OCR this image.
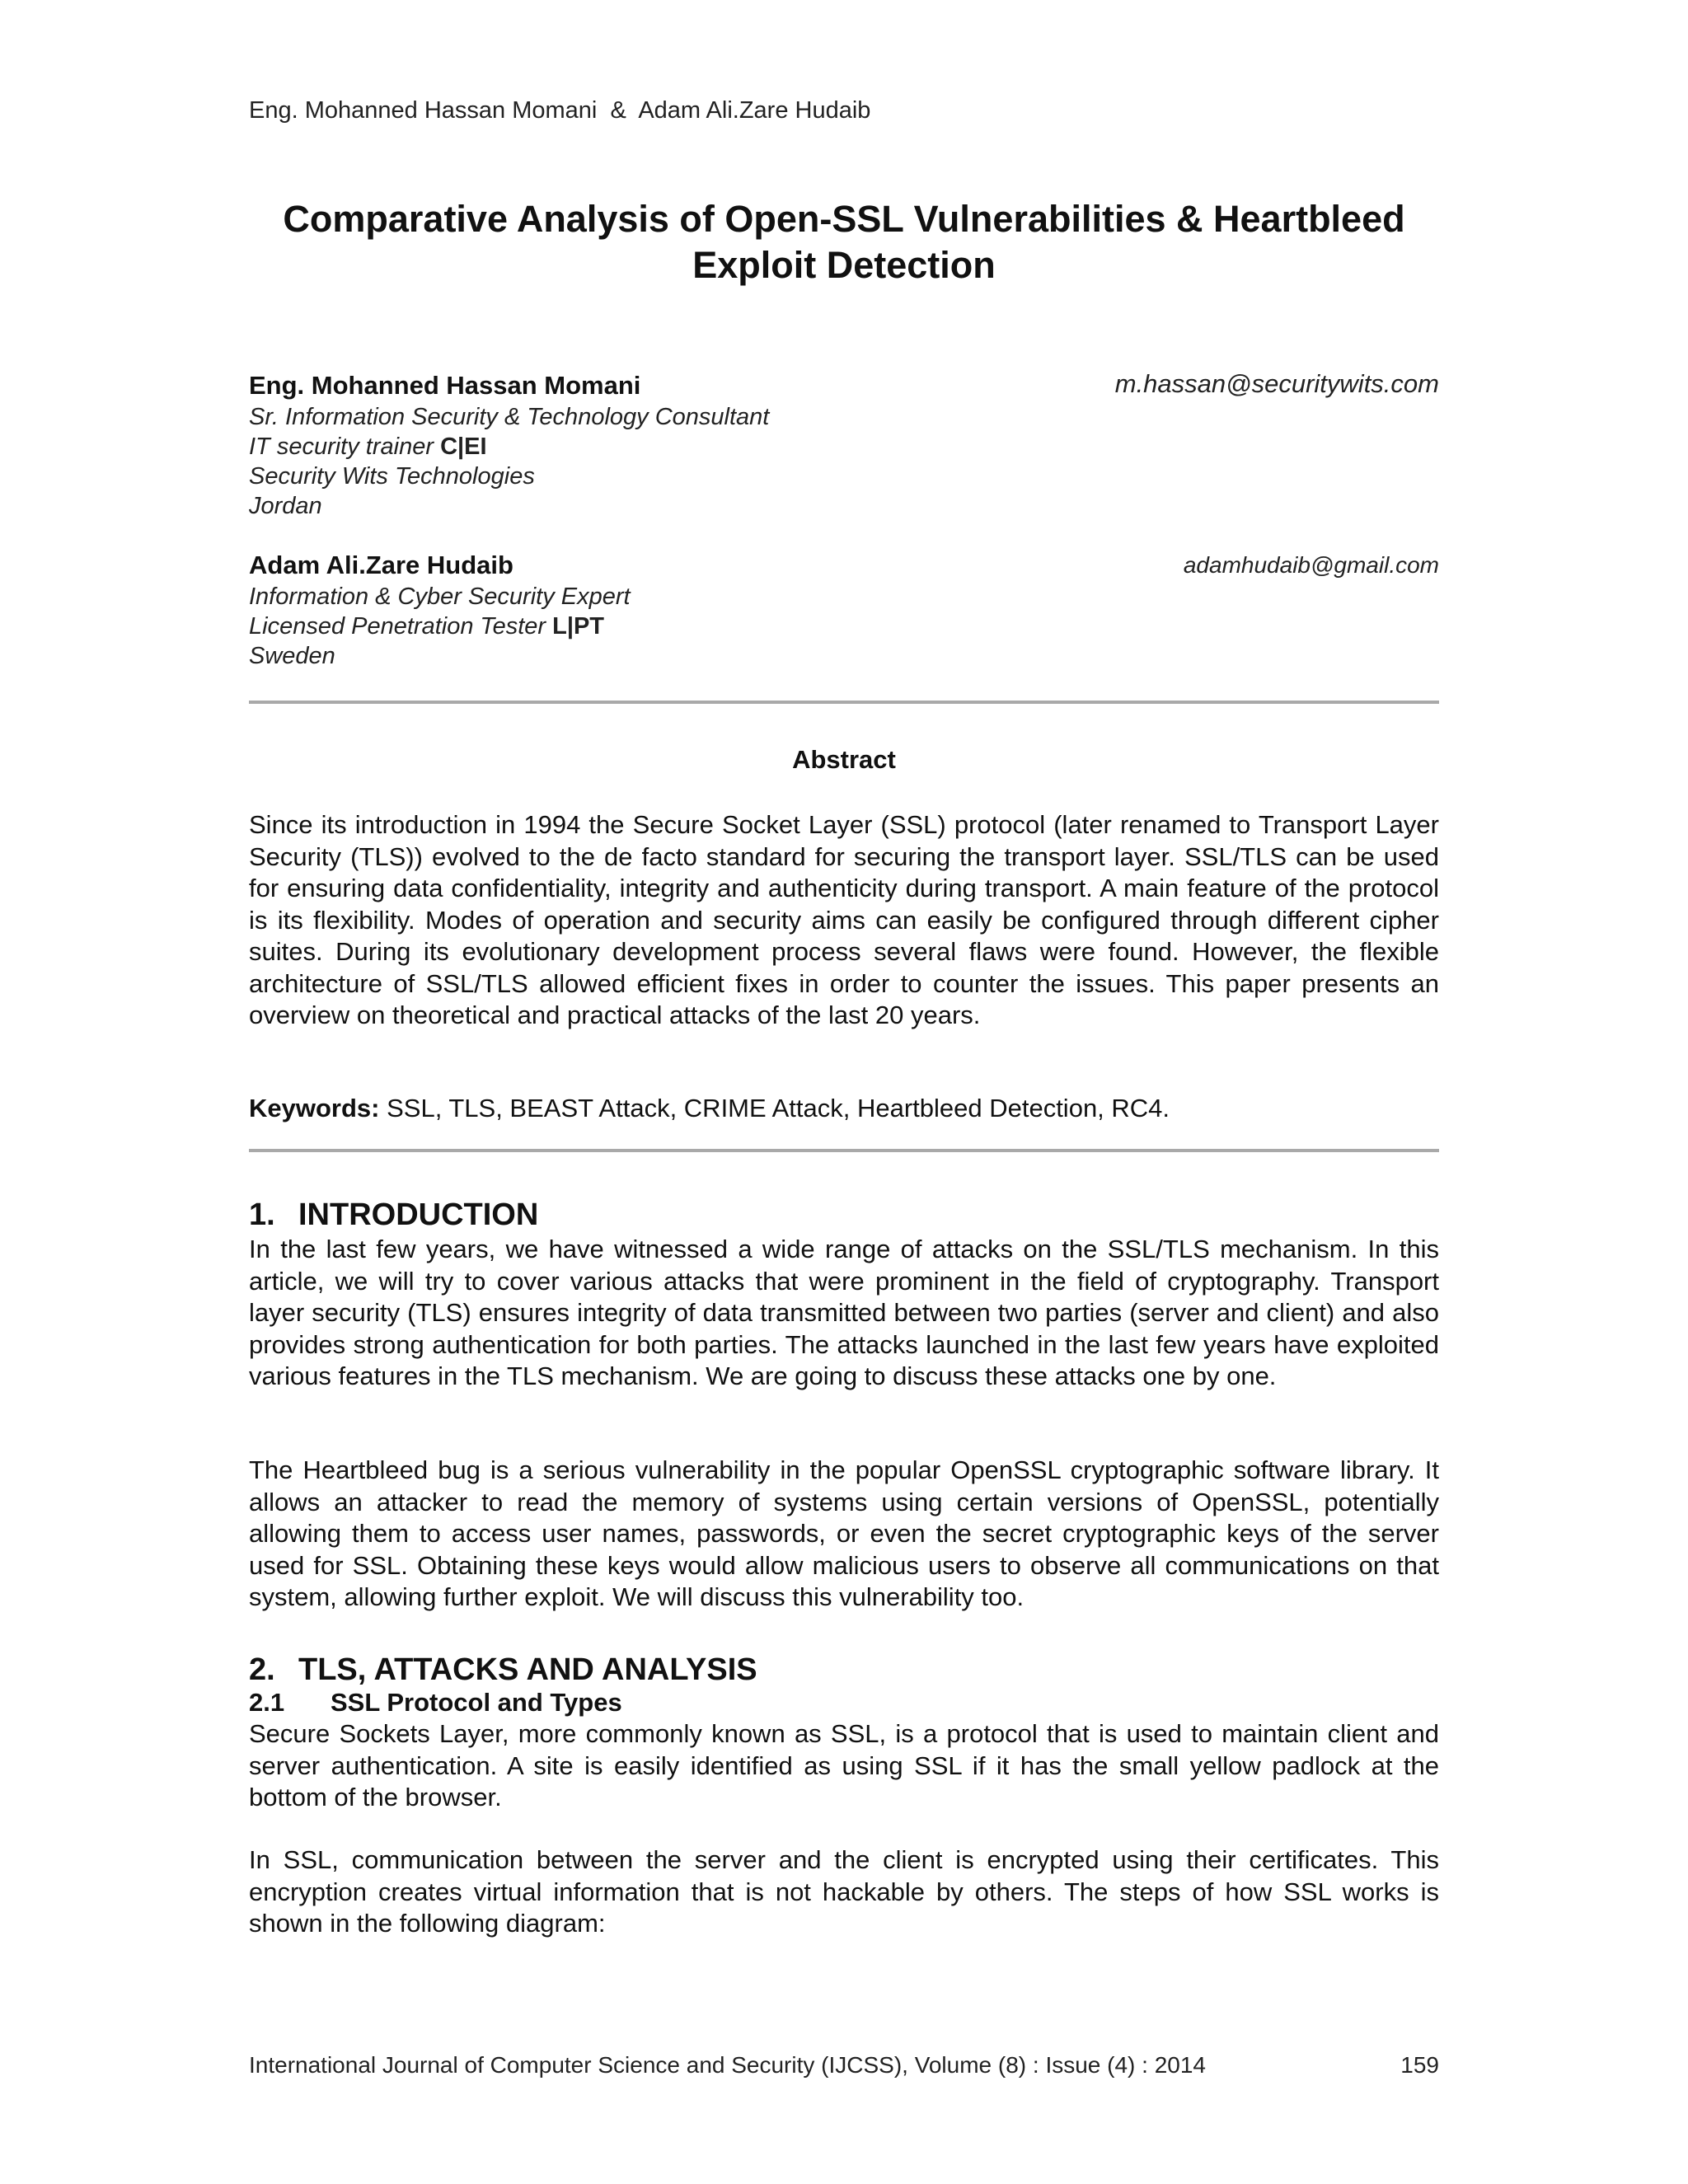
Eng. Mohanned Hassan Momani  &  Adam Ali.Zare Hudaib
Comparative Analysis of Open-SSL Vulnerabilities & Heartbleed
Exploit Detection
Eng. Mohanned Hassan Momani	m.hassan@securitywits.com
Sr. Information Security & Technology Consultant
IT security trainer C|EI
Security Wits Technologies
Jordan
Adam Ali.Zare Hudaib	adamhudaib@gmail.com
Information & Cyber Security Expert
Licensed Penetration Tester L|PT
Sweden
Abstract

Since its introduction in 1994 the Secure Socket Layer (SSL) protocol (later renamed to Transport Layer Security (TLS)) evolved to the de facto standard for securing the transport layer. SSL/TLS can be used for ensuring data confidentiality, integrity and authenticity during transport. A main feature of the protocol is its flexibility. Modes of operation and security aims can easily be configured through different cipher suites. During its evolutionary development process several flaws were found. However, the flexible architecture of SSL/TLS allowed efficient fixes in order to counter the issues. This paper presents an overview on theoretical and practical attacks of the last 20 years.

Keywords: SSL, TLS, BEAST Attack, CRIME Attack, Heartbleed Detection, RC4.
1. INTRODUCTION

In the last few years, we have witnessed a wide range of attacks on the SSL/TLS mechanism. In this article, we will try to cover various attacks that were prominent in the field of cryptography. Transport layer security (TLS) ensures integrity of data transmitted between two parties (server and client) and also provides strong authentication for both parties. The attacks launched in the last few years have exploited various features in the TLS mechanism. We are going to discuss these attacks one by one.

The Heartbleed bug is a serious vulnerability in the popular OpenSSL cryptographic software library. It allows an attacker to read the memory of systems using certain versions of OpenSSL, potentially allowing them to access user names, passwords, or even the secret cryptographic keys of the server used for SSL. Obtaining these keys would allow malicious users to observe all communications on that system, allowing further exploit. We will discuss this vulnerability too.

2. TLS, ATTACKS AND ANALYSIS
2.1 SSL Protocol and Types

Secure Sockets Layer, more commonly known as SSL, is a protocol that is used to maintain client and server authentication. A site is easily identified as using SSL if it has the small yellow padlock at the bottom of the browser.

In SSL, communication between the server and the client is encrypted using their certificates. This encryption creates virtual information that is not hackable by others. The steps of how SSL works is shown in the following diagram:

International Journal of Computer Science and Security (IJCSS), Volume (8) : Issue (4) : 2014	159
